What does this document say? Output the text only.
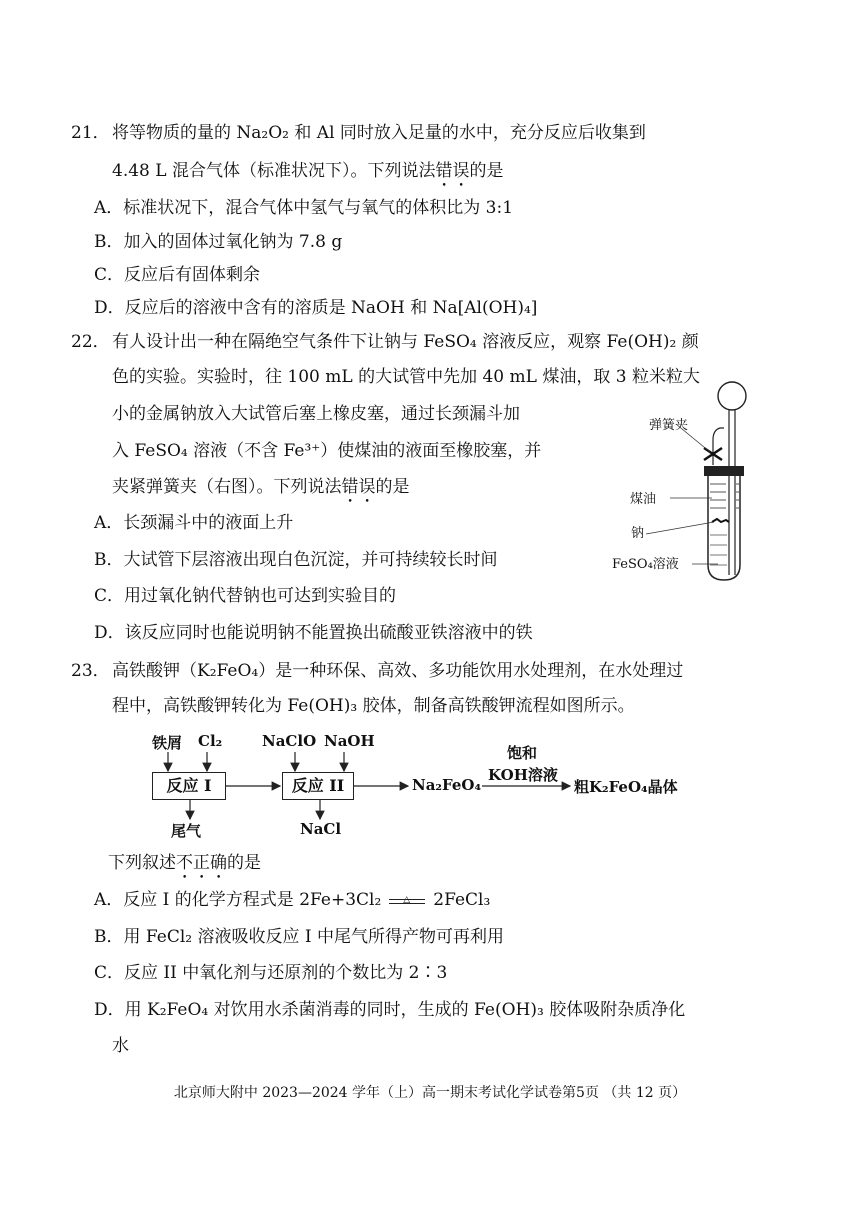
21． 将等物质的量的 Na₂O₂ 和 Al 同时放入足量的水中，充分反应后收集到
4.48 L 混合气体（标准状况下）。下列说法错误的是
A．标准状况下，混合气体中氢气与氧气的体积比为 3:1
B．加入的固体过氧化钠为 7.8 g
C．反应后有固体剩余
D．反应后的溶液中含有的溶质是 NaOH 和 Na[Al(OH)₄]
22． 有人设计出一种在隔绝空气条件下让钠与 FeSO₄ 溶液反应，观察 Fe(OH)₂ 颜
色的实验。实验时，往 100 mL 的大试管中先加 40 mL 煤油，取 3 粒米粒大
小的金属钠放入大试管后塞上橡皮塞，通过长颈漏斗加
入 FeSO₄ 溶液（不含 Fe³⁺）使煤油的液面至橡胶塞，并
夹紧弹簧夹（右图）。下列说法错误的是
A．长颈漏斗中的液面上升
B．大试管下层溶液出现白色沉淀，并可持续较长时间
C．用过氧化钠代替钠也可达到实验目的
D．该反应同时也能说明钠不能置换出硫酸亚铁溶液中的铁
弹簧夹
煤油
钠
FeSO₄溶液
23． 高铁酸钾（K₂FeO₄）是一种环保、高效、多功能饮用水处理剂，在水处理过
程中，高铁酸钾转化为 Fe(OH)₃ 胶体，制备高铁酸钾流程如图所示。
铁屑 Cl₂
反应 I
尾气
NaClO NaOH
反应 II
NaCl
Na₂FeO₄
饱和
KOH溶液
粗K₂FeO₄晶体
下列叙述不正确的是
A．反应 I 的化学方程式是 2Fe+3Cl₂ △ 2FeCl₃
B．用 FeCl₂ 溶液吸收反应 I 中尾气所得产物可再利用
C．反应 II 中氧化剂与还原剂的个数比为 2∶3
D．用 K₂FeO₄ 对饮用水杀菌消毒的同时，生成的 Fe(OH)₃ 胶体吸附杂质净化
水
北京师大附中 2023—2024 学年（上）高一期末考试化学试卷第5页 （共 12 页）
